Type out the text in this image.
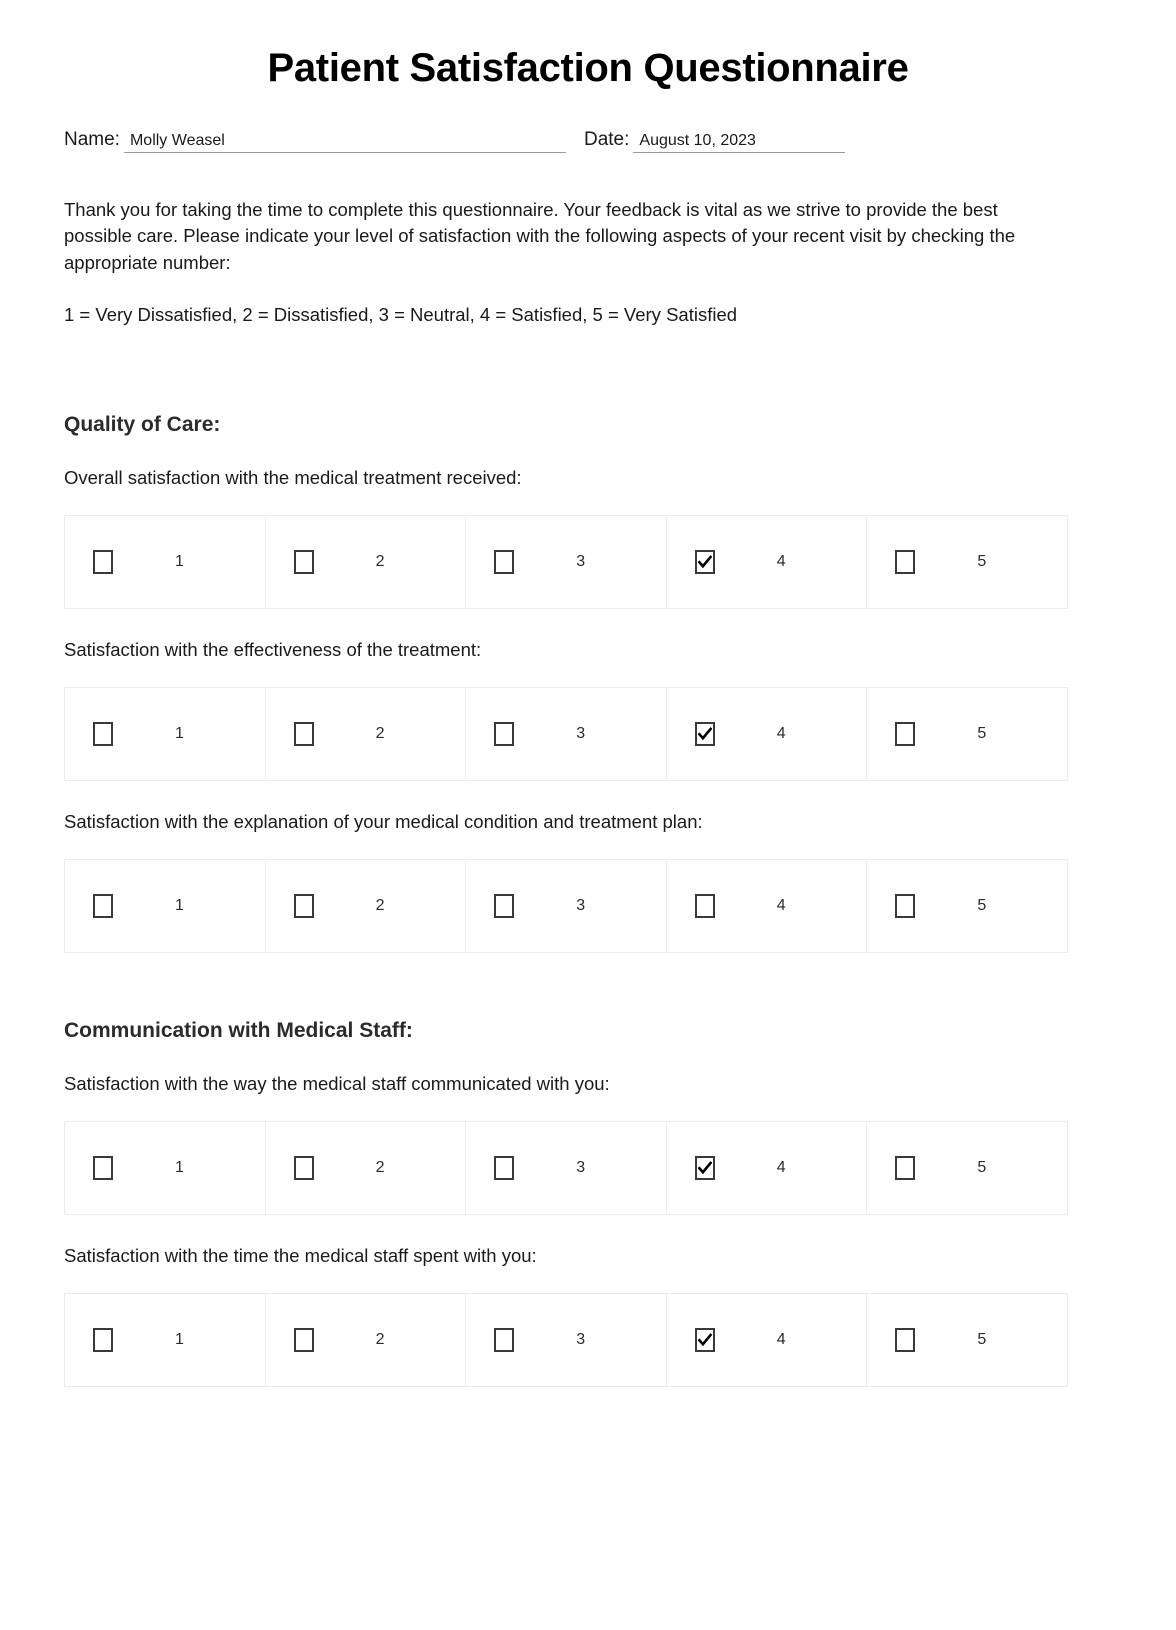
Patient Satisfaction Questionnaire
Name: Molly Weasel	Date: August 10, 2023

Thank you for taking the time to complete this questionnaire. Your feedback is vital as we strive to provide the best possible care. Please indicate your level of satisfaction with the following aspects of your recent visit by checking the appropriate number:

1 = Very Dissatisfied, 2 = Dissatisfied, 3 = Neutral, 4 = Satisfied, 5 = Very Satisfied

Quality of Care:
Overall satisfaction with the medical treatment received:
1	2	3	4	5
Satisfaction with the effectiveness of the treatment:
1	2	3	4	5
Satisfaction with the explanation of your medical condition and treatment plan:
1	2	3	4	5
Communication with Medical Staff:
Satisfaction with the way the medical staff communicated with you:
1	2	3	4	5
Satisfaction with the time the medical staff spent with you:
1	2	3	4	5
